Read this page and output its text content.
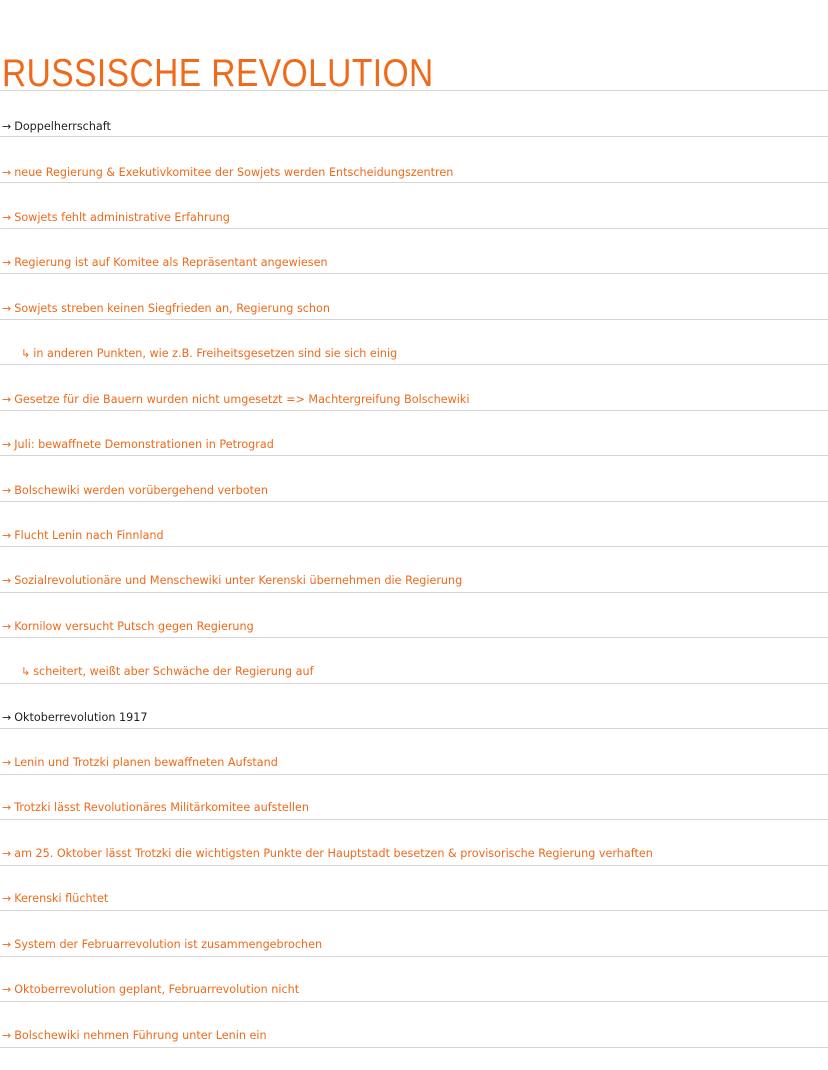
RUSSISCHE REVOLUTION
→ Doppelherrschaft
→ neue Regierung & Exekutivkomitee der Sowjets werden Entscheidungszentren
→ Sowjets fehlt administrative Erfahrung
→ Regierung ist auf Komitee als Repräsentant angewiesen
→ Sowjets streben keinen Siegfrieden an, Regierung schon
↳ in anderen Punkten, wie z.B. Freiheitsgesetzen sind sie sich einig
→ Gesetze für die Bauern wurden nicht umgesetzt => Machtergreifung Bolschewiki
→ Juli: bewaffnete Demonstrationen in Petrograd
→ Bolschewiki werden vorübergehend verboten
→ Flucht Lenin nach Finnland
→ Sozialrevolutionäre und Menschewiki unter Kerenski übernehmen die Regierung
→ Kornilow versucht Putsch gegen Regierung
↳ scheitert, weißt aber Schwäche der Regierung auf
→ Oktoberrevolution 1917
→ Lenin und Trotzki planen bewaffneten Aufstand
→ Trotzki lässt Revolutionäres Militärkomitee aufstellen
→ am 25. Oktober lässt Trotzki die wichtigsten Punkte der Hauptstadt besetzen & provisorische Regierung verhaften
→ Kerenski flüchtet
→ System der Februarrevolution ist zusammengebrochen
→ Oktoberrevolution geplant, Februarrevolution nicht
→ Bolschewiki nehmen Führung unter Lenin ein
